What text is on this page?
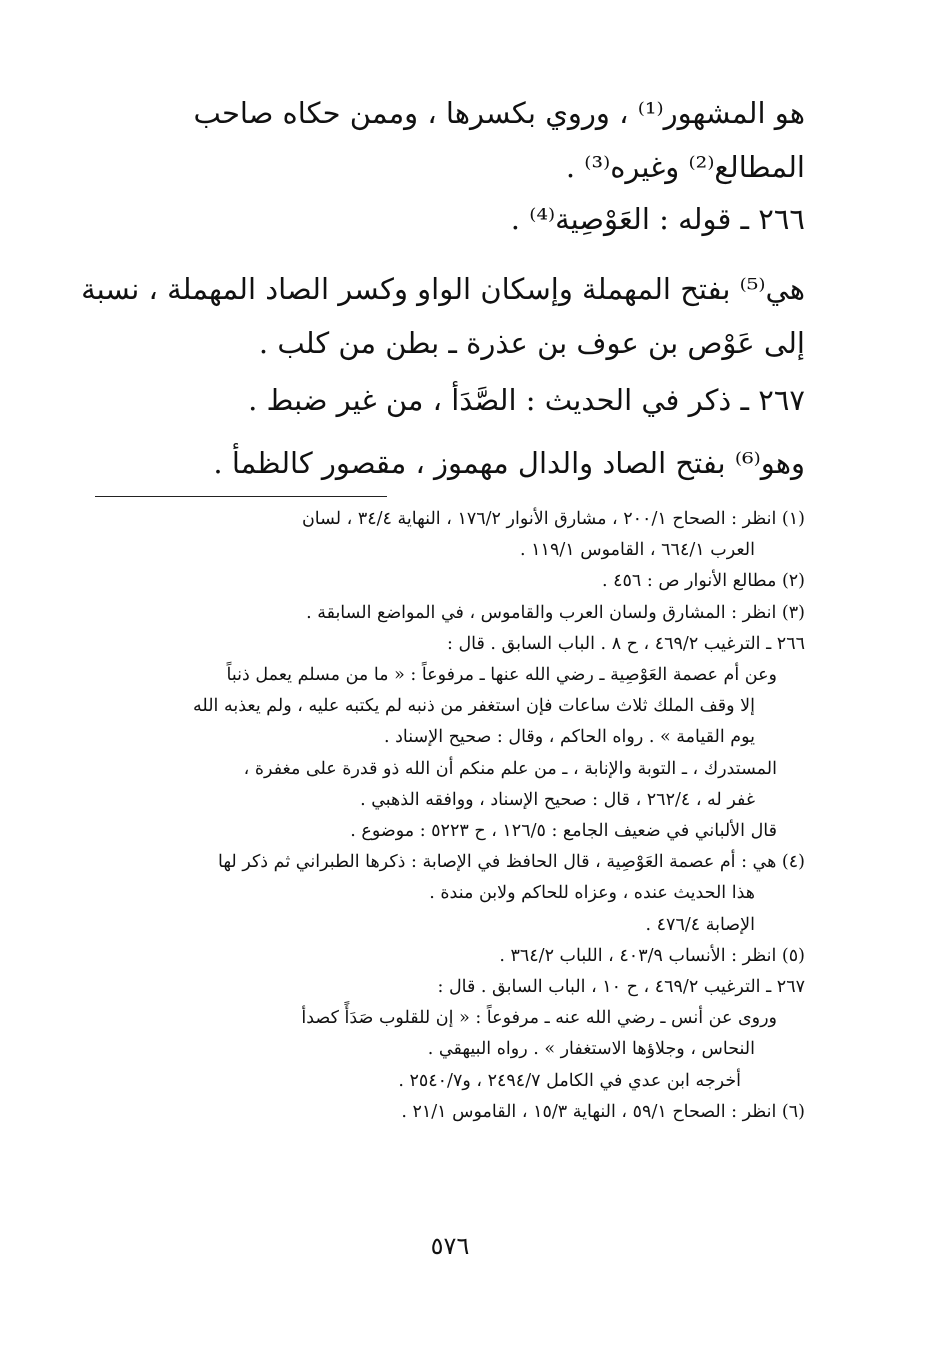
هو المشهور⁽¹⁾ ، وروي بكسرها ، وممن حكاه صاحب

المطالع⁽²⁾ وغيره⁽³⁾ .

٢٦٦ ـ قوله : العَوْصِية⁽⁴⁾ .

هي⁽⁵⁾ بفتح المهملة وإسكان الواو وكسر الصاد المهملة ، نسبة

إلى عَوْص بن عوف بن عذرة ـ بطن من كلب .

٢٦٧ ـ ذكر في الحديث : الصَّدَأ ، من غير ضبط .

وهو⁽⁶⁾ بفتح الصاد والدال مهموز ، مقصور كالظمأ .

(١) انظر : الصحاح ٢٠٠/١ ، مشارق الأنوار ١٧٦/٢ ، النهاية ٣٤/٤ ، لسان

العرب ٦٦٤/١ ، القاموس ١١٩/١ .

(٢) مطالع الأنوار ص : ٤٥٦ .

(٣) انظر : المشارق ولسان العرب والقاموس ، في المواضع السابقة .

٢٦٦ ـ الترغيب ٤٦٩/٢ ، ح ٨ . الباب السابق . قال :

وعن أم عصمة العَوْصِية ـ رضي الله عنها ـ مرفوعاً : « ما من مسلم يعمل ذنباً

إلا وقف الملك ثلاث ساعات فإن استغفر من ذنبه لم يكتبه عليه ، ولم يعذبه الله

يوم القيامة » . رواه الحاكم ، وقال : صحيح الإسناد .

المستدرك ، ـ التوبة والإنابة ، ـ من علم منكم أن الله ذو قدرة على مغفرة ،

غفر له ، ٢٦٢/٤ ، قال : صحيح الإسناد ، ووافقه الذهبي .

قال الألباني في ضعيف الجامع : ١٢٦/٥ ، ح ٥٢٢٣ : موضوع .

(٤) هي : أم عصمة العَوْصِية ، قال الحافظ في الإصابة : ذكرها الطبراني ثم ذكر لها

هذا الحديث عنده ، وعزاه للحاكم ولابن مندة .

الإصابة ٤٧٦/٤ .

(٥) انظر : الأنساب ٤٠٣/٩ ، اللباب ٣٦٤/٢ .

٢٦٧ ـ الترغيب ٤٦٩/٢ ، ح ١٠ ، الباب السابق . قال :

وروى عن أنس ـ رضي الله عنه ـ مرفوعاً : « إن للقلوب صَدَأً كصدأ

النحاس ، وجلاؤها الاستغفار » . رواه البيهقي .

أخرجه ابن عدي في الكامل ٢٤٩٤/٧ ، و٢٥٤٠/٧ .

(٦) انظر : الصحاح ٥٩/١ ، النهاية ١٥/٣ ، القاموس ٢١/١ .

٥٧٦
